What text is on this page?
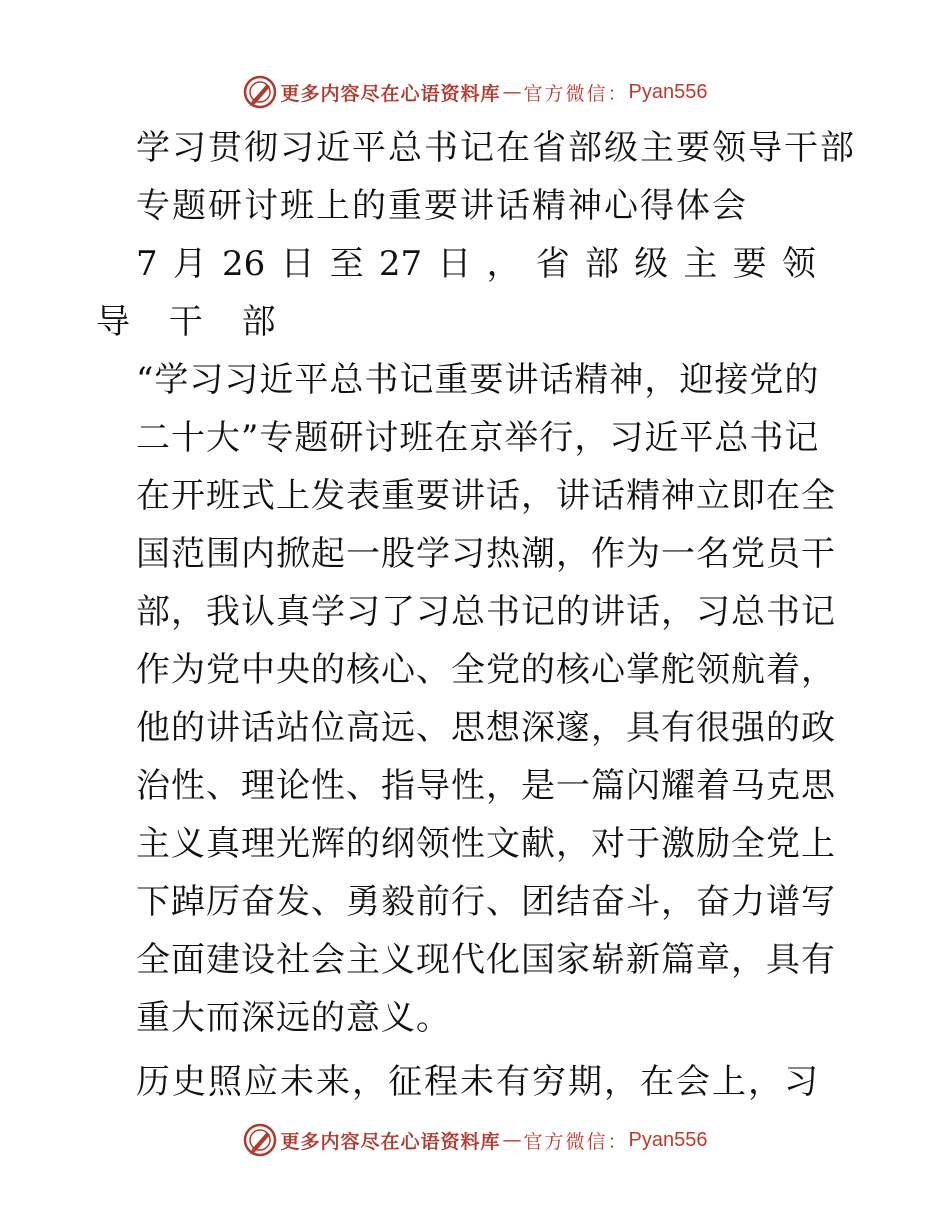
更多内容尽在心语资料库 — 官方微信： Pyan556
学习贯彻习近平总书记在省部级主要领导干部
专题研讨班上的重要讲话精神心得体会
7 月 26 日 至 27 日 ， 省 部 级 主 要 领
导 干 部
“学习习近平总书记重要讲话精神，迎接党的
二十大”专题研讨班在京举行，习近平总书记
在开班式上发表重要讲话，讲话精神立即在全
国范围内掀起一股学习热潮，作为一名党员干
部，我认真学习了习总书记的讲话，习总书记
作为党中央的核心、全党的核心掌舵领航着，
他的讲话站位高远、思想深邃，具有很强的政
治性、理论性、指导性，是一篇闪耀着马克思
主义真理光辉的纲领性文献，对于激励全党上
下踔厉奋发、勇毅前行、团结奋斗，奋力谱写
全面建设社会主义现代化国家崭新篇章，具有
重大而深远的意义。
历史照应未来，征程未有穷期，在会上，习
更多内容尽在心语资料库 — 官方微信： Pyan556
